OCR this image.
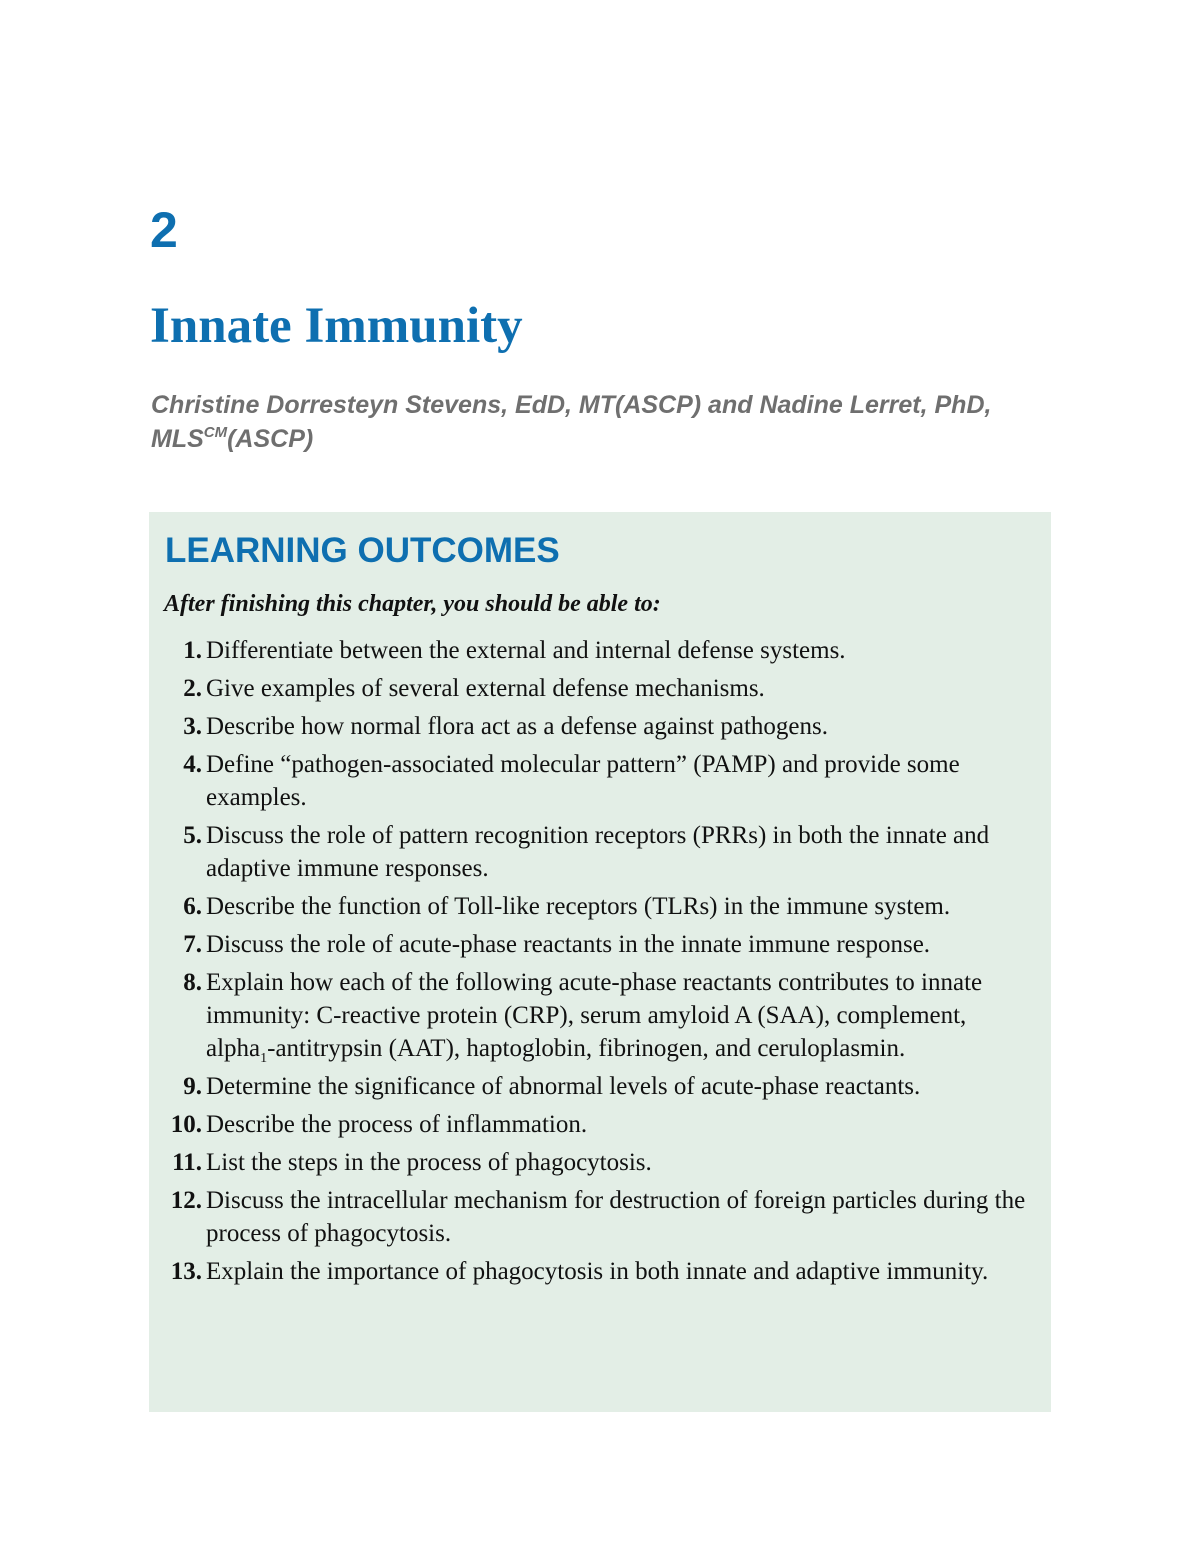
2
Innate Immunity

Christine Dorresteyn Stevens, EdD, MT(ASCP) and Nadine Lerret, PhD, $MLS^{CM}(ASCP)$

LEARNING OUTCOMES

After finishing this chapter, you should be able to:

1. Differentiate between the external and internal defense systems.
2. Give examples of several external defense mechanisms.
3. Describe how normal flora act as a defense against pathogens.
4. Define “pathogen-associated molecular pattern” (PAMP) and provide some examples.
5. Discuss the role of pattern recognition receptors (PRRs) in both the innate and adaptive immune responses.
6. Describe the function of Toll-like receptors (TLRs) in the immune system.
7. Discuss the role of acute-phase reactants in the innate immune response.
8. Explain how each of the following acute-phase reactants contributes to innate immunity: C-reactive protein (CRP), serum amyloid A (SAA), complement, alpha$_1$-antitrypsin (AAT), haptoglobin, fibrinogen, and ceruloplasmin.
9. Determine the significance of abnormal levels of acute-phase reactants.
10. Describe the process of inflammation.
11. List the steps in the process of phagocytosis.
12. Discuss the intracellular mechanism for destruction of foreign particles during the process of phagocytosis.
13. Explain the importance of phagocytosis in both innate and adaptive immunity.
